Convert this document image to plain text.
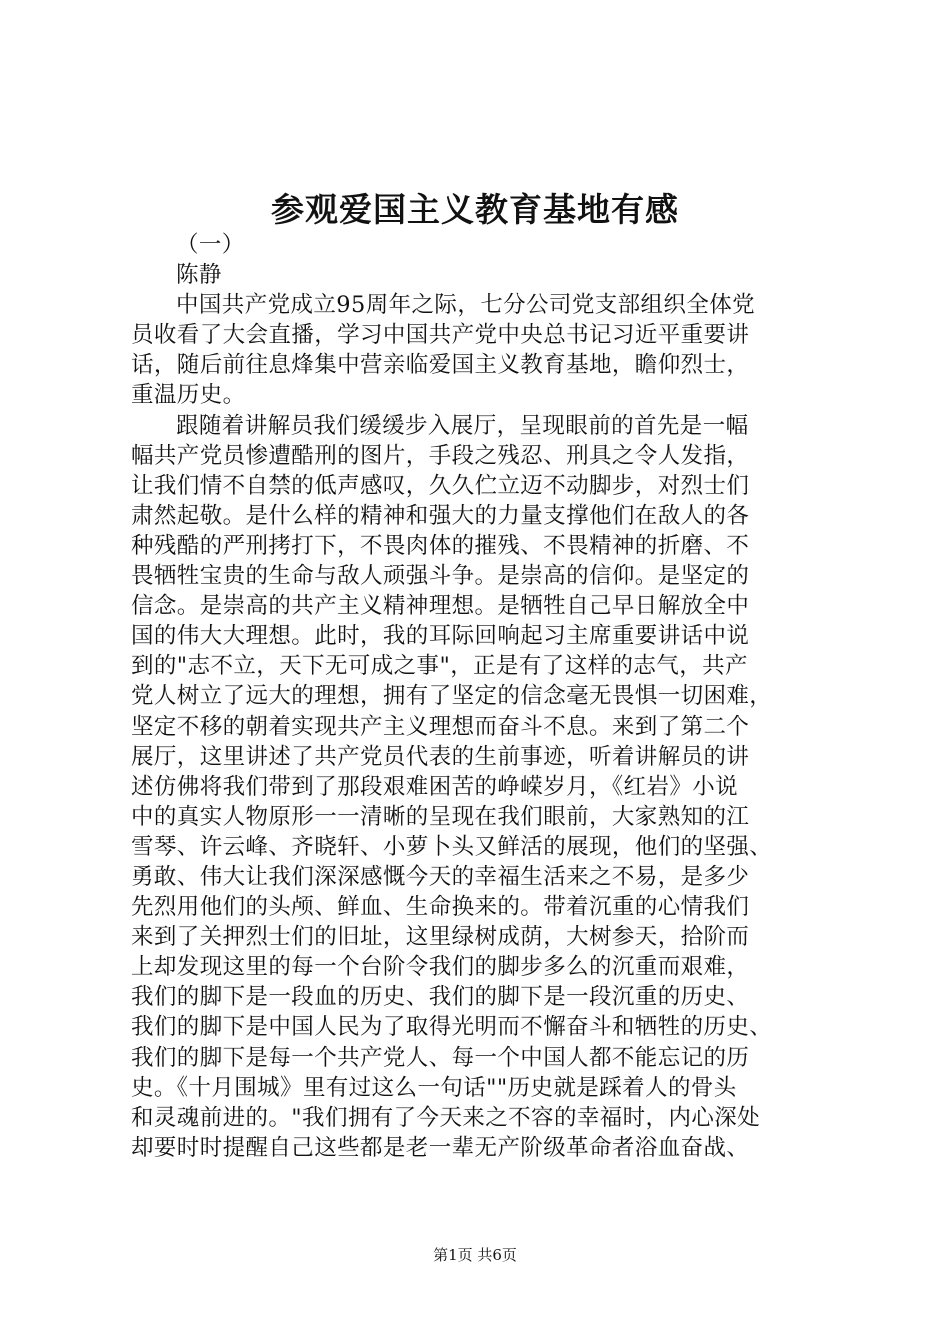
参观爱国主义教育基地有感
（一）
陈静
中国共产党成立95周年之际，七分公司党支部组织全体党
员收看了大会直播，学习中国共产党中央总书记习近平重要讲
话，随后前往息烽集中营亲临爱国主义教育基地，瞻仰烈士，
重温历史。
跟随着讲解员我们缓缓步入展厅，呈现眼前的首先是一幅
幅共产党员惨遭酷刑的图片，手段之残忍、刑具之令人发指，
让我们情不自禁的低声感叹，久久伫立迈不动脚步，对烈士们
肃然起敬。是什么样的精神和强大的力量支撑他们在敌人的各
种残酷的严刑拷打下，不畏肉体的摧残、不畏精神的折磨、不
畏牺牲宝贵的生命与敌人顽强斗争。是崇高的信仰。是坚定的
信念。是崇高的共产主义精神理想。是牺牲自己早日解放全中
国的伟大大理想。此时，我的耳际回响起习主席重要讲话中说
到的"志不立，天下无可成之事"，正是有了这样的志气，共产
党人树立了远大的理想，拥有了坚定的信念毫无畏惧一切困难，
坚定不移的朝着实现共产主义理想而奋斗不息。来到了第二个
展厅，这里讲述了共产党员代表的生前事迹，听着讲解员的讲
述仿佛将我们带到了那段艰难困苦的峥嵘岁月，《红岩》小说
中的真实人物原形一一清晰的呈现在我们眼前，大家熟知的江
雪琴、许云峰、齐晓轩、小萝卜头又鲜活的展现，他们的坚强、
勇敢、伟大让我们深深感慨今天的幸福生活来之不易，是多少
先烈用他们的头颅、鲜血、生命换来的。带着沉重的心情我们
来到了关押烈士们的旧址，这里绿树成荫，大树参天，拾阶而
上却发现这里的每一个台阶令我们的脚步多么的沉重而艰难，
我们的脚下是一段血的历史、我们的脚下是一段沉重的历史、
我们的脚下是中国人民为了取得光明而不懈奋斗和牺牲的历史、
我们的脚下是每一个共产党人、每一个中国人都不能忘记的历
史。《十月围城》里有过这么一句话""历史就是踩着人的骨头
和灵魂前进的。"我们拥有了今天来之不容的幸福时，内心深处
却要时时提醒自己这些都是老一辈无产阶级革命者浴血奋战、
第1页 共6页
